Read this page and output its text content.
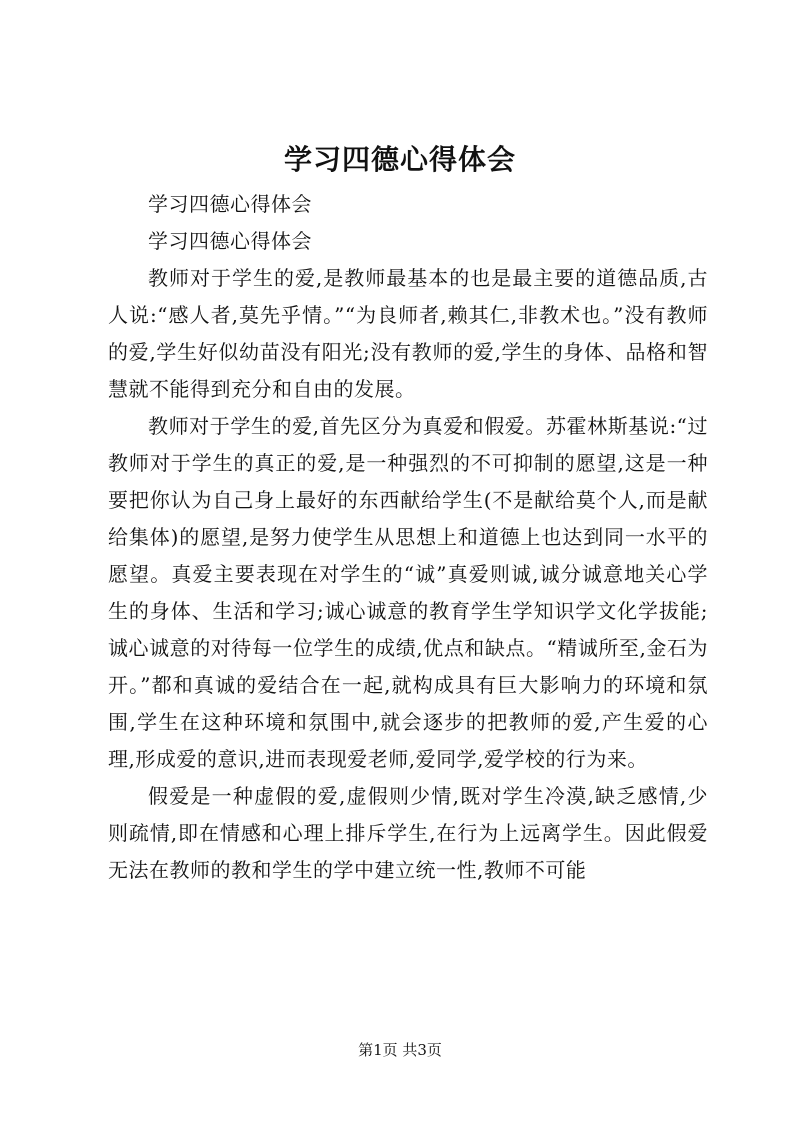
学习四德心得体会

学习四德心得体会

学习四德心得体会

教师对于学生的爱,是教师最基本的也是最主要的道德品质,古人说:“感人者,莫先乎情。”“为良师者,赖其仁,非教术也。”没有教师的爱,学生好似幼苗没有阳光;没有教师的爱,学生的身体、品格和智慧就不能得到充分和自由的发展。

教师对于学生的爱,首先区分为真爱和假爱。苏霍林斯基说:“过教师对于学生的真正的爱,是一种强烈的不可抑制的愿望,这是一种要把你认为自己身上最好的东西献给学生(不是献给莫个人,而是献给集体)的愿望,是努力使学生从思想上和道德上也达到同一水平的愿望。真爱主要表现在对学生的“诚”真爱则诚,诚分诚意地关心学生的身体、生活和学习;诚心诚意的教育学生学知识学文化学拔能;诚心诚意的对待每一位学生的成绩,优点和缺点。“精诚所至,金石为开。”都和真诚的爱结合在一起,就构成具有巨大影响力的环境和氛围,学生在这种环境和氛围中,就会逐步的把教师的爱,产生爱的心理,形成爱的意识,进而表现爱老师,爱同学,爱学校的行为来。

假爱是一种虚假的爱,虚假则少情,既对学生冷漠,缺乏感情,少则疏情,即在情感和心理上排斥学生,在行为上远离学生。因此假爱无法在教师的教和学生的学中建立统一性,教师不可能

第1页 共3页
